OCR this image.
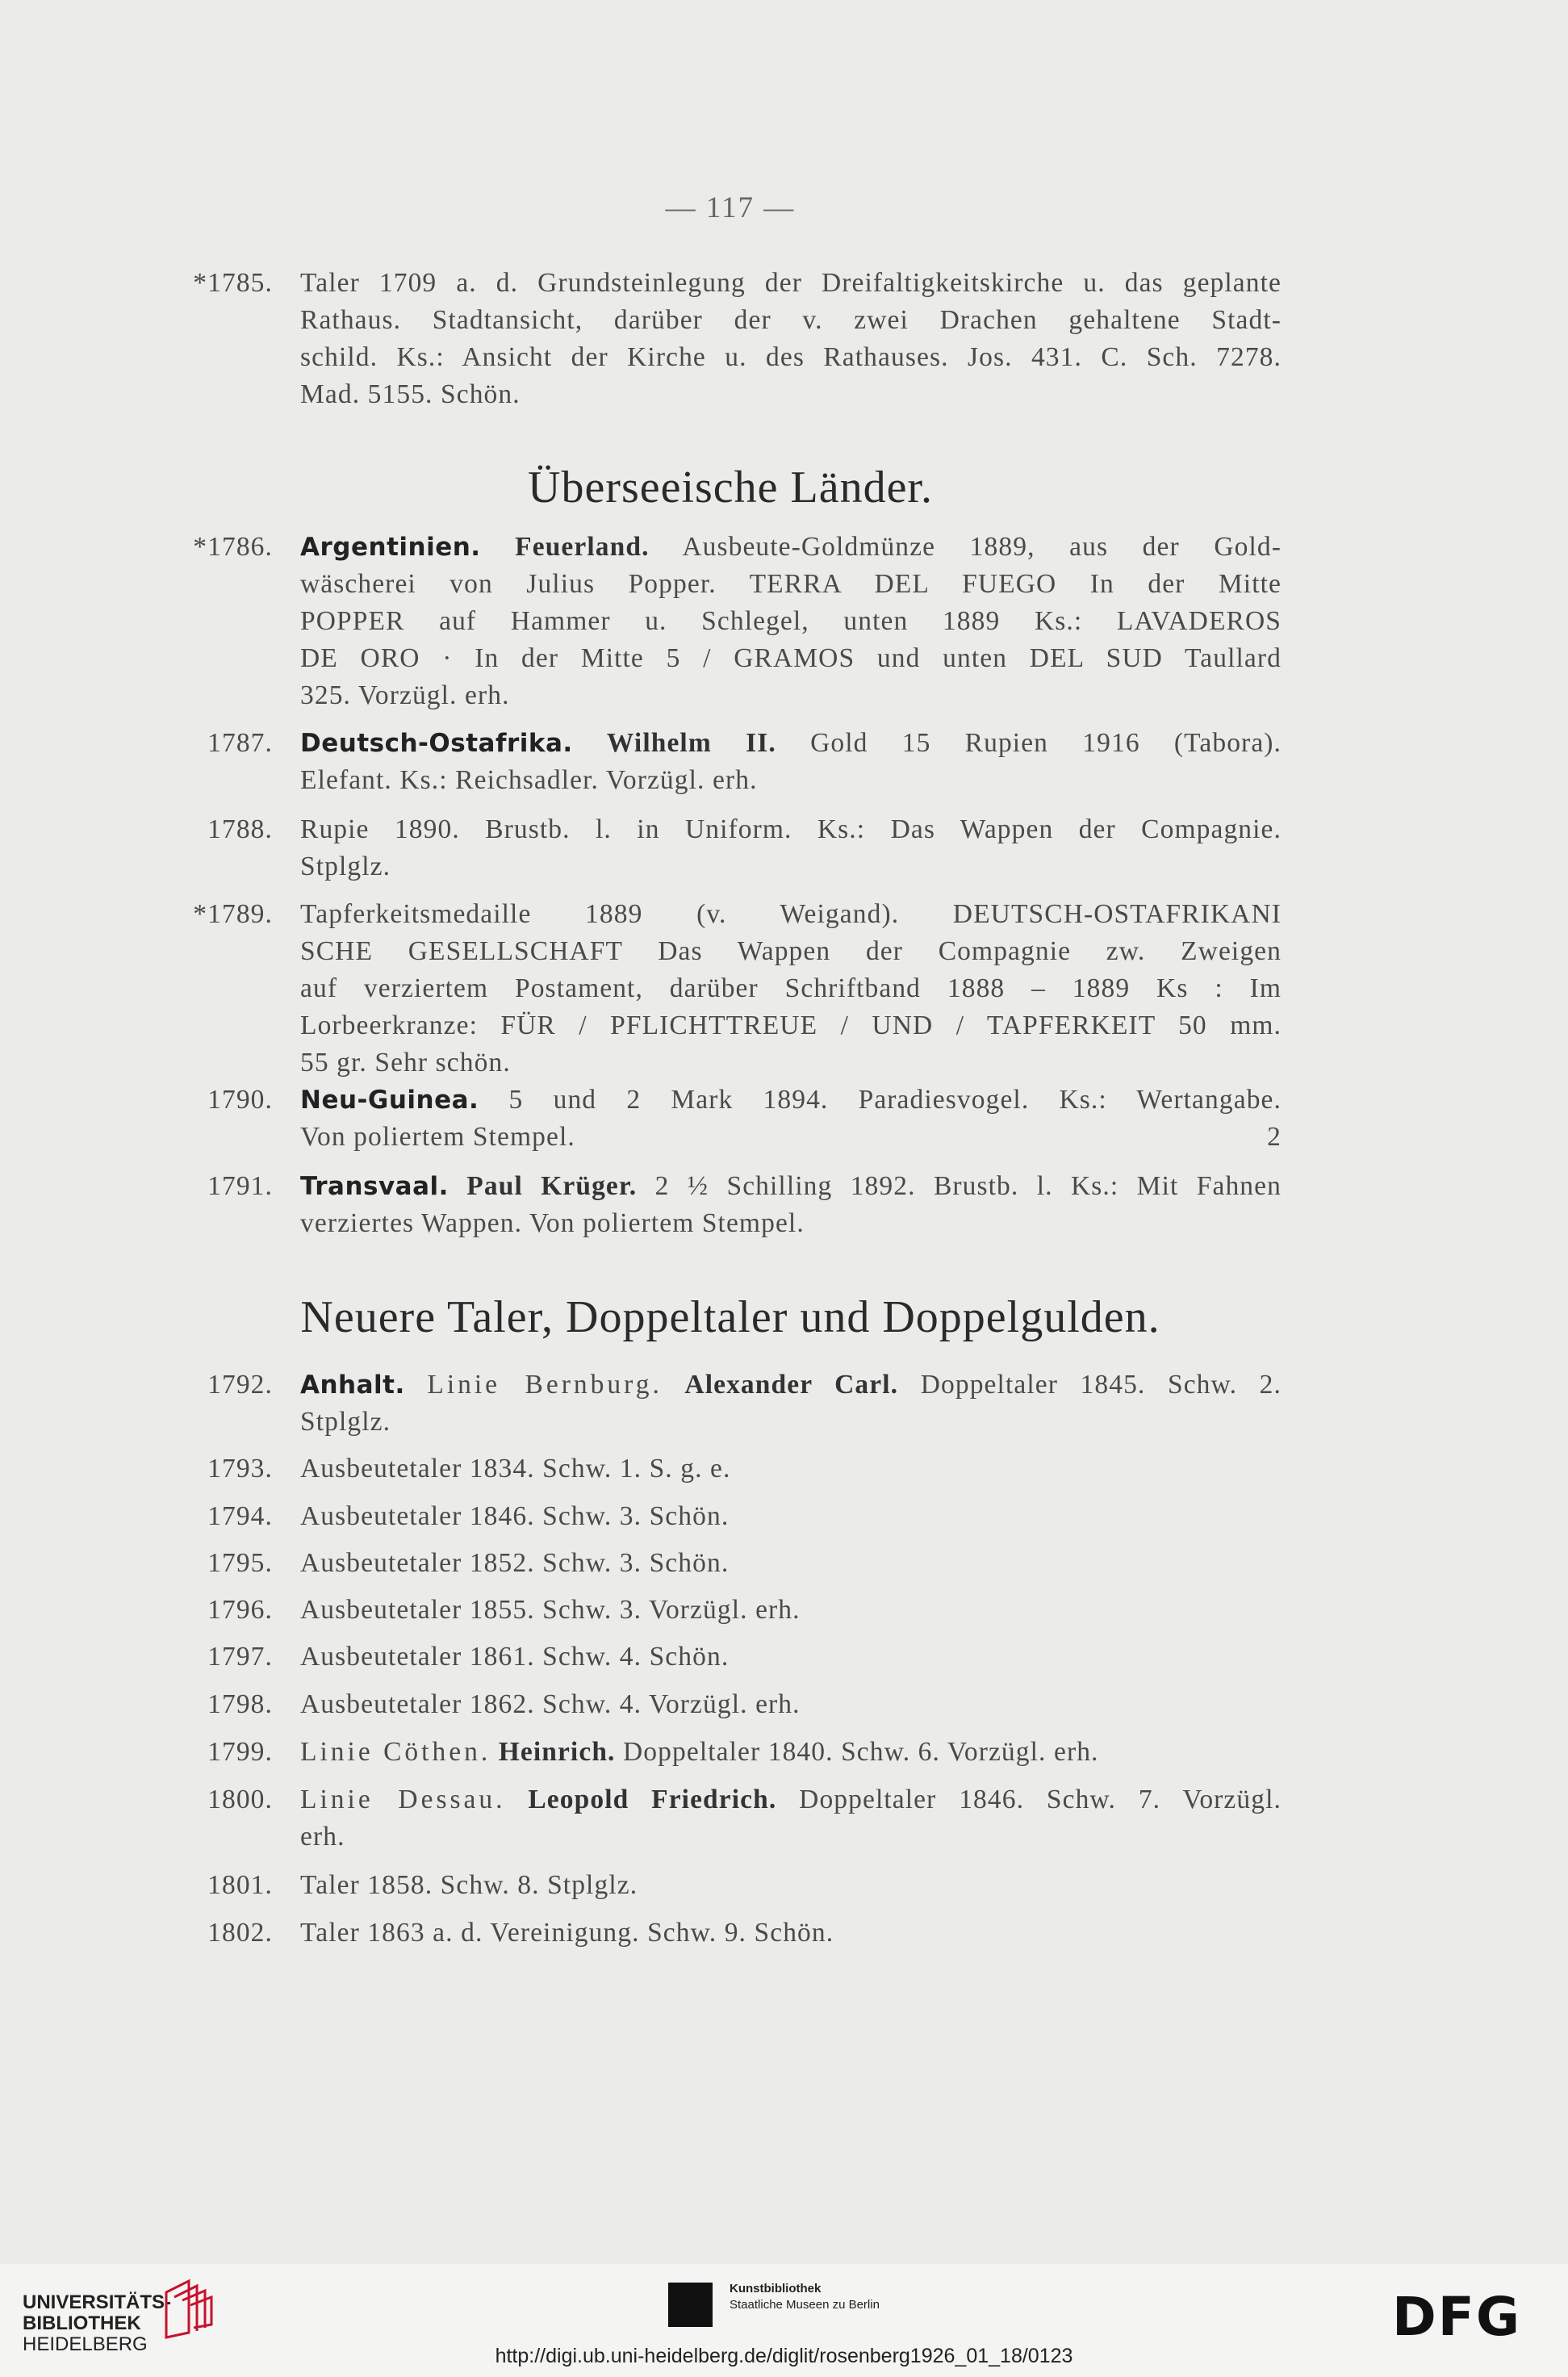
— 117 —
*1785.	Taler 1709 a. d. Grundsteinlegung der Dreifaltigkeitskirche u. das geplante
Rathaus. Stadtansicht, darüber der v. zwei Drachen gehaltene Stadt-
schild. Ks.: Ansicht der Kirche u. des Rathauses. Jos. 431. C. Sch. 7278.
Mad. 5155. Schön.
Überseeische Länder.
*1786.	Argentinien. Feuerland. Ausbeute-Goldmünze 1889, aus der Gold-
wäscherei von Julius Popper. TERRA DEL FUEGO In der Mitte
POPPER auf Hammer u. Schlegel, unten 1889 Ks.: LAVADEROS
DE ORO · In der Mitte 5 / GRAMOS und unten DEL SUD Taullard
325. Vorzügl. erh.
1787.	Deutsch-Ostafrika. Wilhelm II. Gold 15 Rupien 1916 (Tabora).
Elefant. Ks.: Reichsadler. Vorzügl. erh.
1788.	Rupie 1890. Brustb. l. in Uniform. Ks.: Das Wappen der Compagnie.
Stplglz.
*1789.	Tapferkeitsmedaille 1889 (v. Weigand). DEUTSCH-OSTAFRIKANI
SCHE GESELLSCHAFT Das Wappen der Compagnie zw. Zweigen
auf verziertem Postament, darüber Schriftband 1888 – 1889 Ks : Im
Lorbeerkranze: FÜR / PFLICHTTREUE / UND / TAPFERKEIT 50 mm.
55 gr. Sehr schön.
1790.	Neu-Guinea. 5 und 2 Mark 1894. Paradiesvogel. Ks.: Wertangabe.
Von poliertem Stempel.	2
1791.	Transvaal. Paul Krüger. 2 ½ Schilling 1892. Brustb. l. Ks.: Mit Fahnen
verziertes Wappen. Von poliertem Stempel.
Neuere Taler, Doppeltaler und Doppelgulden.
1792.	Anhalt. Linie Bernburg. Alexander Carl. Doppeltaler 1845. Schw. 2.
Stplglz.
1793.	Ausbeutetaler 1834. Schw. 1. S. g. e.
1794.	Ausbeutetaler 1846. Schw. 3. Schön.
1795.	Ausbeutetaler 1852. Schw. 3. Schön.
1796.	Ausbeutetaler 1855. Schw. 3. Vorzügl. erh.
1797.	Ausbeutetaler 1861. Schw. 4. Schön.
1798.	Ausbeutetaler 1862. Schw. 4. Vorzügl. erh.
1799.	Linie Cöthen. Heinrich. Doppeltaler 1840. Schw. 6. Vorzügl. erh.
1800.	Linie Dessau. Leopold Friedrich. Doppeltaler 1846. Schw. 7. Vorzügl.
erh.
1801.	Taler 1858. Schw. 8. Stplglz.
1802.	Taler 1863 a. d. Vereinigung. Schw. 9. Schön.
UNIVERSITÄTS-
BIBLIOTHEK
HEIDELBERG
Kunstbibliothek
Staatliche Museen zu Berlin	DFG
http://digi.ub.uni-heidelberg.de/diglit/rosenberg1926_01_18/0123
